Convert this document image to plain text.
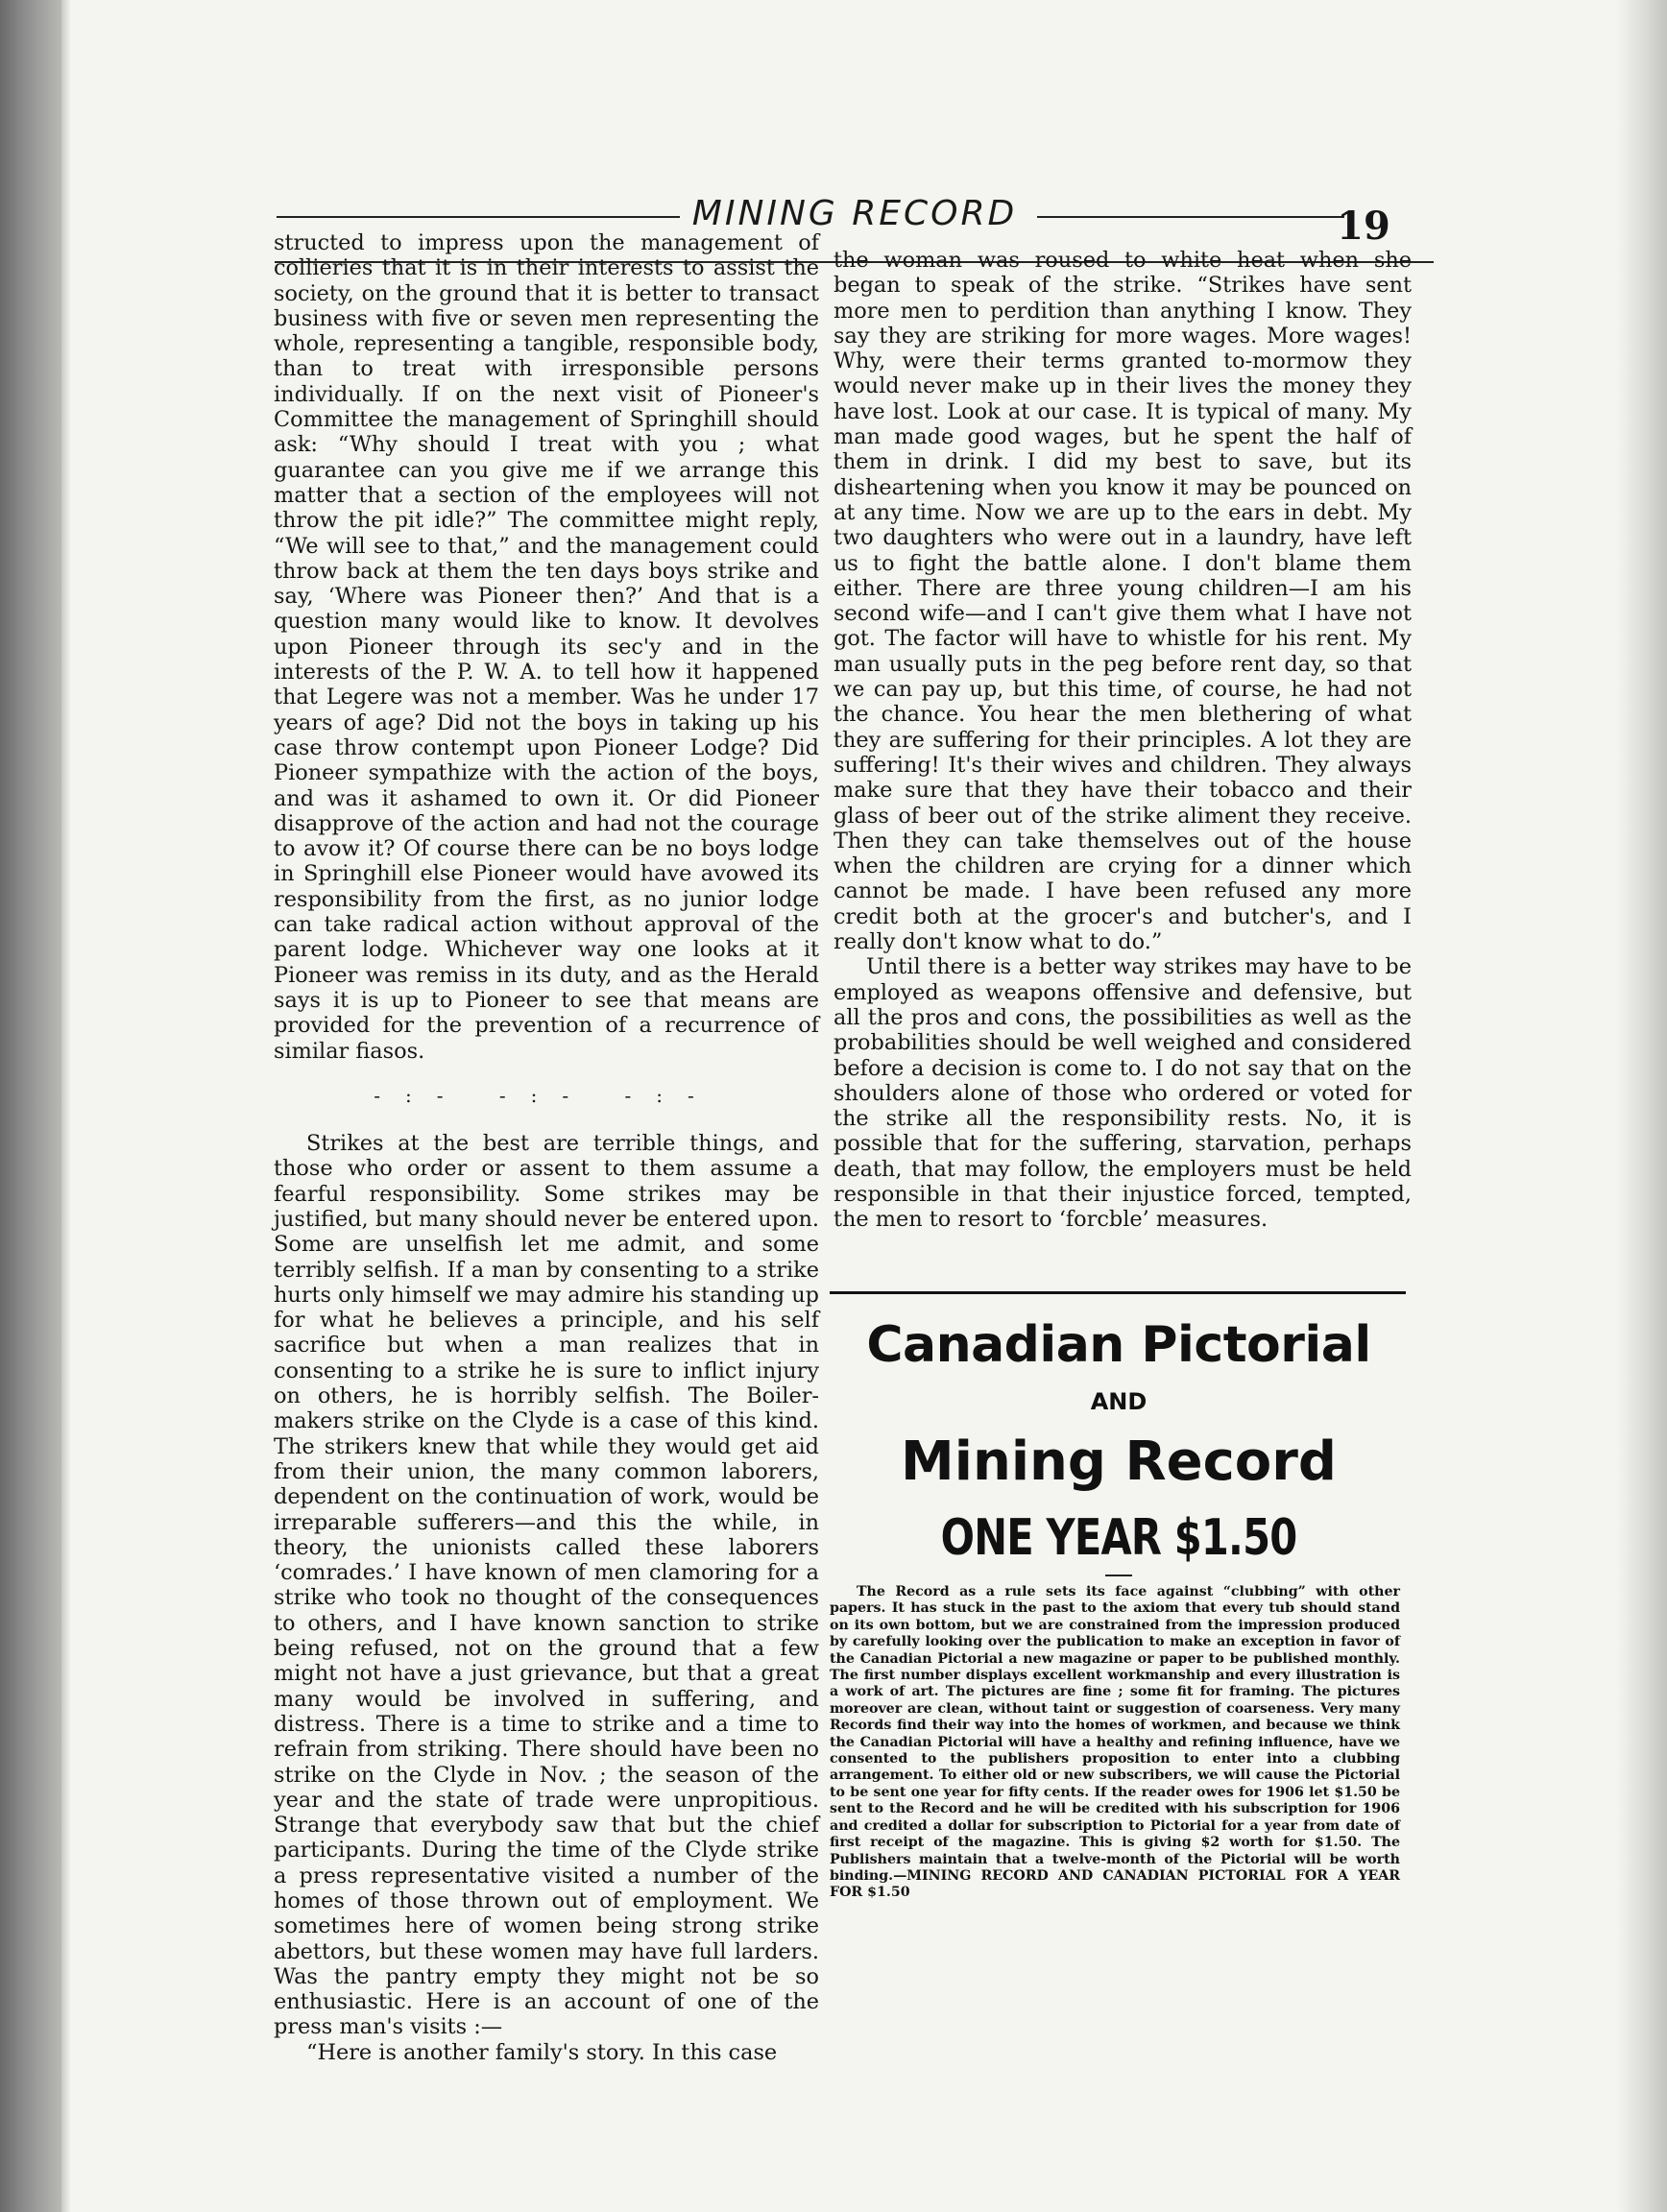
MINING RECORD	19

structed to impress upon the management of collieries that it is in their interests to assist the society, on the ground that it is better to transact business with five or seven men representing the whole, representing a tangible, responsible body, than to treat with irresponsible persons individually. If on the next visit of Pioneer's Committee the management of Springhill should ask: “Why should I treat with you ; what guarantee can you give me if we arrange this matter that a section of the employees will not throw the pit idle?” The committee might reply, “We will see to that,” and the management could throw back at them the ten days boys strike and say, ‘Where was Pioneer then?’ And that is a question many would like to know. It devolves upon Pioneer through its sec'y and in the interests of the P. W. A. to tell how it happened that Legere was not a member. Was he under 17 years of age? Did not the boys in taking up his case throw contempt upon Pioneer Lodge? Did Pioneer sympathize with the action of the boys, and was it ashamed to own it. Or did Pioneer disapprove of the action and had not the courage to avow it? Of course there can be no boys lodge in Springhill else Pioneer would have avowed its responsibility from the first, as no junior lodge can take radical action without approval of the parent lodge. Whichever way one looks at it Pioneer was remiss in its duty, and as the Herald says it is up to Pioneer to see that means are provided for the prevention of a recurrence of similar fiasos.

-:- -:- -:-

Strikes at the best are terrible things, and those who order or assent to them assume a fearful responsibility. Some strikes may be justified, but many should never be entered upon. Some are unselfish let me admit, and some terribly selfish. If a man by consenting to a strike hurts only himself we may admire his standing up for what he believes a principle, and his self sacrifice but when a man realizes that in consenting to a strike he is sure to inflict injury on others, he is horribly selfish. The Boiler-makers strike on the Clyde is a case of this kind. The strikers knew that while they would get aid from their union, the many common laborers, dependent on the continuation of work, would be irreparable sufferers—and this the while, in theory, the unionists called these laborers ‘comrades.’ I have known of men clamoring for a strike who took no thought of the consequences to others, and I have known sanction to strike being refused, not on the ground that a few might not have a just grievance, but that a great many would be involved in suffering, and distress. There is a time to strike and a time to refrain from striking. There should have been no strike on the Clyde in Nov. ; the season of the year and the state of trade were unpropitious. Strange that everybody saw that but the chief participants. During the time of the Clyde strike a press representative visited a number of the homes of those thrown out of employment. We sometimes here of women being strong strike abettors, but these women may have full larders. Was the pantry empty they might not be so enthusiastic. Here is an account of one of the press man's visits :—

“Here is another family's story. In this case

the woman was roused to white heat when she began to speak of the strike. “Strikes have sent more men to perdition than anything I know. They say they are striking for more wages. More wages! Why, were their terms granted to-mormow they would never make up in their lives the money they have lost. Look at our case. It is typical of many. My man made good wages, but he spent the half of them in drink. I did my best to save, but its disheartening when you know it may be pounced on at any time. Now we are up to the ears in debt. My two daughters who were out in a laundry, have left us to fight the battle alone. I don't blame them either. There are three young children—I am his second wife—and I can't give them what I have not got. The factor will have to whistle for his rent. My man usually puts in the peg before rent day, so that we can pay up, but this time, of course, he had not the chance. You hear the men blethering of what they are suffering for their principles. A lot they are suffering! It's their wives and children. They always make sure that they have their tobacco and their glass of beer out of the strike aliment they receive. Then they can take themselves out of the house when the children are crying for a dinner which cannot be made. I have been refused any more credit both at the grocer's and butcher's, and I really don't know what to do.”

Until there is a better way strikes may have to be employed as weapons offensive and defensive, but all the pros and cons, the possibilities as well as the probabilities should be well weighed and considered before a decision is come to. I do not say that on the shoulders alone of those who ordered or voted for the strike all the responsibility rests. No, it is possible that for the suffering, starvation, perhaps death, that may follow, the employers must be held responsible in that their injustice forced, tempted, the men to resort to ‘forcble’ measures.

Canadian Pictorial
AND
Mining Record
ONE YEAR $1.50

The Record as a rule sets its face against “clubbing” with other papers. It has stuck in the past to the axiom that every tub should stand on its own bottom, but we are constrained from the impression produced by carefully looking over the publication to make an exception in favor of the Canadian Pictorial a new magazine or paper to be published monthly. The first number displays excellent workmanship and every illustration is a work of art. The pictures are fine ; some fit for framing. The pictures moreover are clean, without taint or suggestion of coarseness. Very many Records find their way into the homes of workmen, and because we think the Canadian Pictorial will have a healthy and refining influence, have we consented to the publishers proposition to enter into a clubbing arrangement. To either old or new subscribers, we will cause the Pictorial to be sent one year for fifty cents. If the reader owes for 1906 let $1.50 be sent to the Record and he will be credited with his subscription for 1906 and credited a dollar for subscription to Pictorial for a year from date of first receipt of the magazine. This is giving $2 worth for $1.50. The Publishers maintain that a twelve-month of the Pictorial will be worth binding.—MINING RECORD AND CANADIAN PICTORIAL FOR A YEAR FOR $1.50
